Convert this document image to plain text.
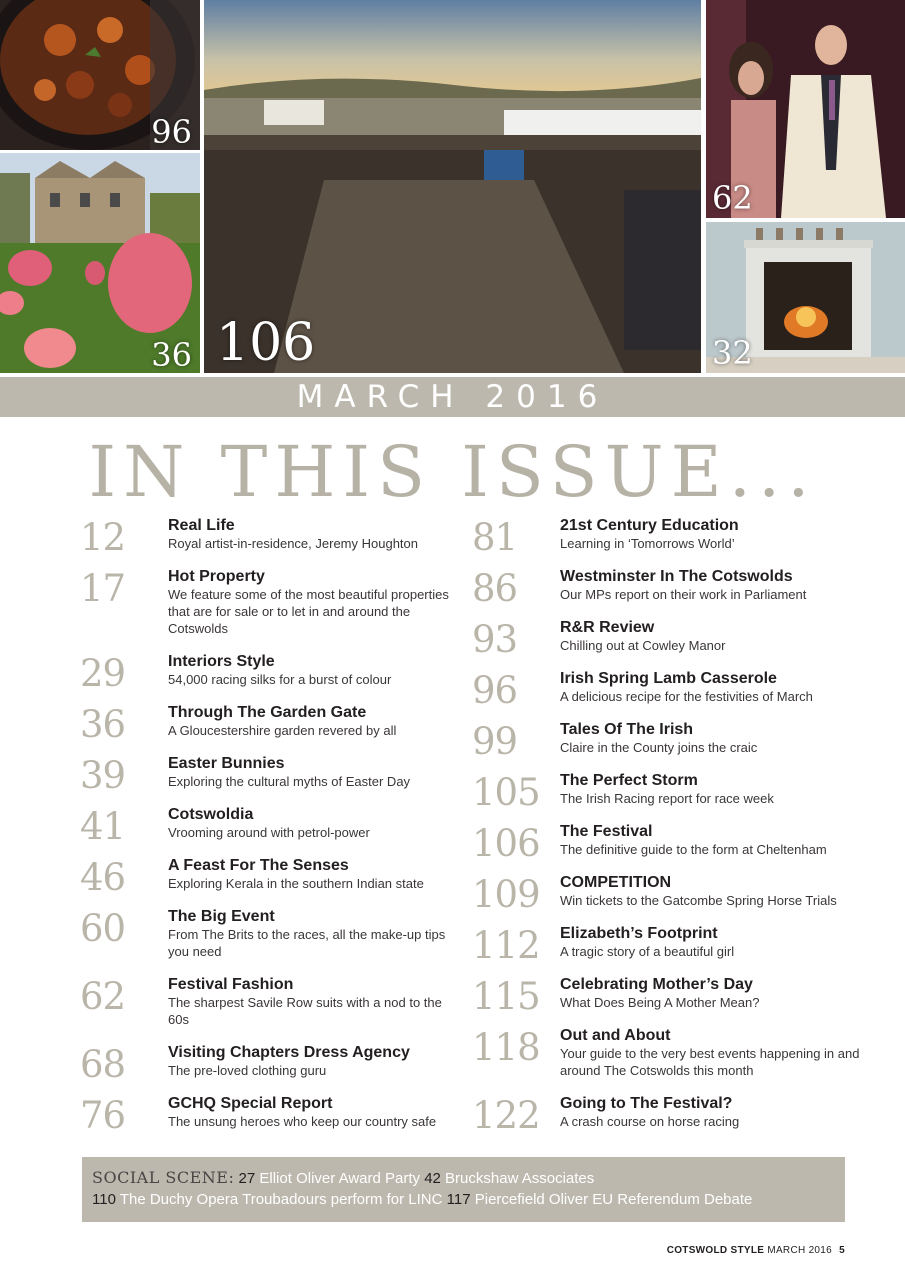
96
36 106
62
32
MARCH 2016
IN THIS ISSUE...
12	Real Life
Royal artist-in-residence, Jeremy Houghton
17	Hot Property
We feature some of the most beautiful properties that are for sale or to let in and around the Cotswolds
29	Interiors Style
54,000 racing silks for a burst of colour
36	Through The Garden Gate
A Gloucestershire garden revered by all
39	Easter Bunnies
Exploring the cultural myths of Easter Day
41	Cotswoldia
Vrooming around with petrol-power
46	A Feast For The Senses
Exploring Kerala in the southern Indian state
60	The Big Event
From The Brits to the races, all the make-up tips you need
62	Festival Fashion
The sharpest Savile Row suits with a nod to the 60s
68	Visiting Chapters Dress Agency
The pre-loved clothing guru
76	GCHQ Special Report
The unsung heroes who keep our country safe
81	21st Century Education
Learning in ‘Tomorrows World’
86	Westminster In The Cotswolds
Our MPs report on their work in Parliament
93	R&R Review
Chilling out at Cowley Manor
96	Irish Spring Lamb Casserole
A delicious recipe for the festivities of March
99	Tales Of The Irish
Claire in the County joins the craic
105	The Perfect Storm
The Irish Racing report for race week
106	The Festival
The definitive guide to the form at Cheltenham
109	COMPETITION
Win tickets to the Gatcombe Spring Horse Trials
112	Elizabeth’s Footprint
A tragic story of a beautiful girl
115	Celebrating Mother’s Day
What Does Being A Mother Mean?
118	Out and About
Your guide to the very best events happening in and around The Cotswolds this month
122	Going to The Festival?
A crash course on horse racing
SOCIAL SCENE: 27 Elliot Oliver Award Party 42 Bruckshaw Associates
110 The Duchy Opera Troubadours perform for LINC 117 Piercefield Oliver EU Referendum Debate
COTSWOLD STYLE MARCH 2016 5
